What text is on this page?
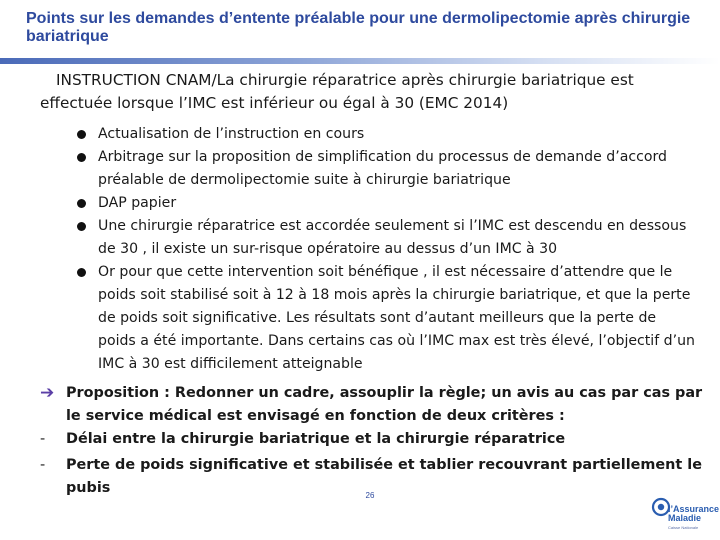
Points sur les demandes d’entente préalable pour une dermolipectomie après chirurgie bariatrique
INSTRUCTION CNAM/La chirurgie réparatrice après chirurgie bariatrique est effectuée lorsque l’IMC est inférieur ou égal à 30 (EMC 2014)
Actualisation de l’instruction en cours
Arbitrage sur la proposition de simplification du processus de demande d’accord préalable de dermolipectomie suite à chirurgie bariatrique
DAP papier
Une chirurgie réparatrice est accordée seulement si l’IMC est descendu en dessous de 30 , il existe un sur-risque opératoire au dessus d’un IMC à 30
Or pour que cette intervention soit bénéfique , il est nécessaire d’attendre que le poids soit stabilisé soit à 12 à 18 mois après la chirurgie bariatrique, et que la perte de poids soit significative. Les résultats sont d’autant meilleurs que la perte de poids a été importante. Dans certains cas où l’IMC max est très élevé, l’objectif d’un IMC à 30 est difficilement atteignable
➔ Proposition : Redonner un cadre, assouplir la règle; un avis au cas par cas par le service médical est envisagé en fonction de deux critères :
- Délai entre la chirurgie bariatrique et la chirurgie réparatrice
- Perte de poids significative et stabilisée et tablier recouvrant partiellement le pubis	26
l’Assurance
Maladie
Caisse Nationale
